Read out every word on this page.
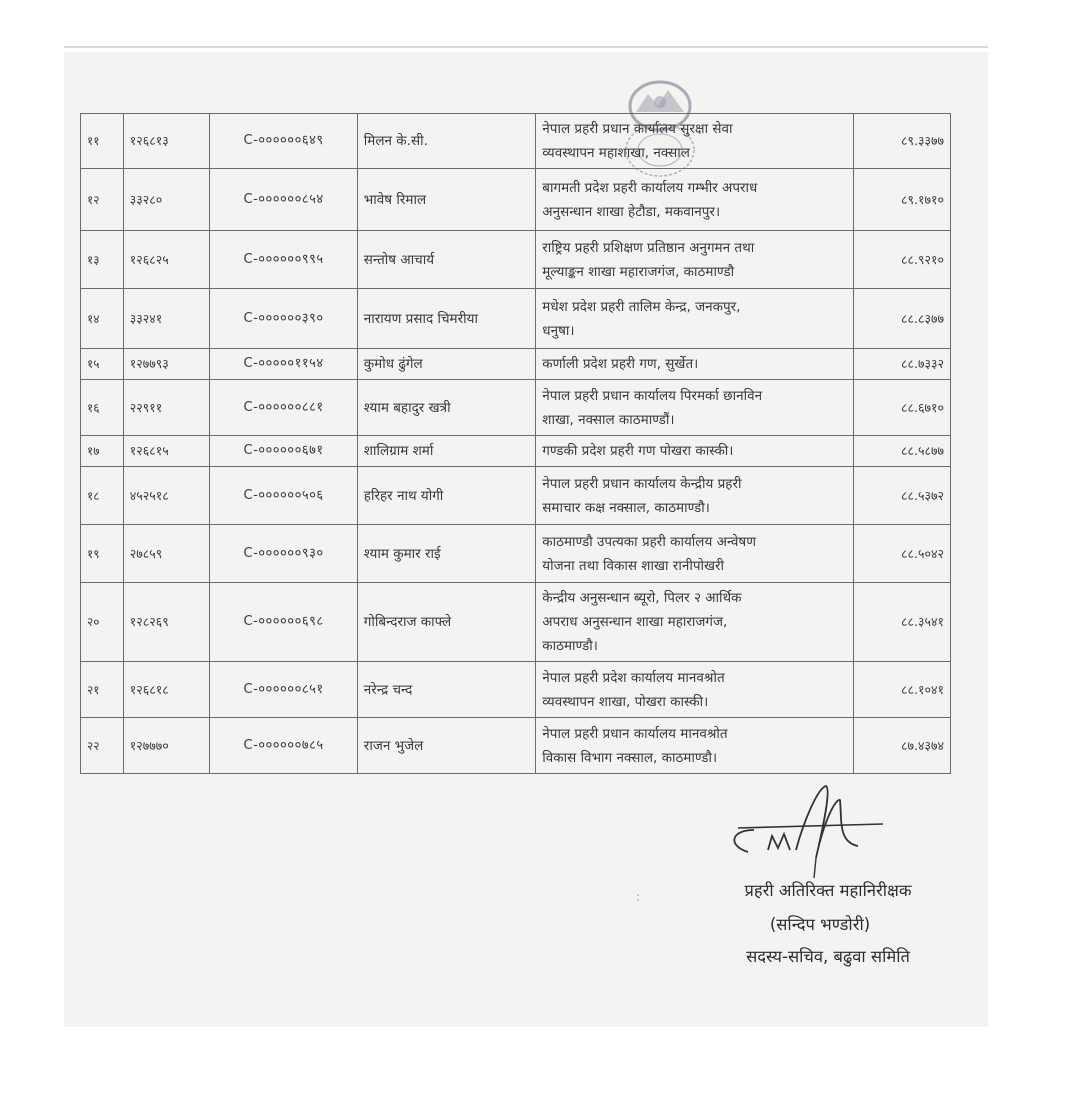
११	१२६८१३	C-००००००६४९	मिलन के.सी.	नेपाल प्रहरी प्रधान कार्यालय सुरक्षा सेवा
व्यवस्थापन महाशाखा, नक्साल	८९.३३७७
१२	३३२८०	C-००००००८५४	भावेष रिमाल	बागमती प्रदेश प्रहरी कार्यालय गम्भीर अपराध
अनुसन्धान शाखा हेटौडा, मकवानपुर।	८९.१७१०
१३	१२६८२५	C-००००००९९५	सन्तोष आचार्य	राष्ट्रिय प्रहरी प्रशिक्षण प्रतिष्ठान अनुगमन तथा
मूल्याङ्कन शाखा महाराजगंज, काठमाण्डौ	८८.९२१०
१४	३३२४१	C-००००००३९०	नारायण प्रसाद चिमरीया	मधेश प्रदेश प्रहरी तालिम केन्द्र, जनकपुर,
धनुषा।	८८.८३७७
१५	१२७७९३	C-०००००११५४	कुमोध ढुंगेल	कर्णाली प्रदेश प्रहरी गण, सुर्खेत।	८८.७३३२
१६	२२९११	C-००००००८८१	श्याम बहादुर खत्री	नेपाल प्रहरी प्रधान कार्यालय पिरमर्का छानविन
शाखा, नक्साल काठमाण्डौं।	८८.६७१०
१७	१२६८१५	C-००००००६७१	शालिग्राम शर्मा	गण्डकी प्रदेश प्रहरी गण पोखरा कास्की।	८८.५८७७
१८	४५२५१८	C-००००००५०६	हरिहर नाथ योगी	नेपाल प्रहरी प्रधान कार्यालय केन्द्रीय प्रहरी
समाचार कक्ष नक्साल, काठमाण्डौ।	८८.५३७२
१९	२७८५९	C-००००००९३०	श्याम कुमार राई	काठमाण्डौ उपत्यका प्रहरी कार्यालय अन्वेषण
योजना तथा विकास शाखा रानीपोखरी	८८.५०४२
२०	१२८२६९	C-००००००६९८	गोबिन्दराज काफ्ले	केन्द्रीय अनुसन्धान ब्यूरो, पिलर २ आर्थिक
अपराध अनुसन्धान शाखा महाराजगंज,
काठमाण्डौ।	८८.३५४१
२१	१२६८१८	C-००००००८५१	नरेन्द्र चन्द	नेपाल प्रहरी प्रदेश कार्यालय मानवश्रोत
व्यवस्थापन शाखा, पोखरा कास्की।	८८.१०४१
२२	१२७७७०	C-००००००७८५	राजन भुजेल	नेपाल प्रहरी प्रधान कार्यालय मानवश्रोत
विकास विभाग नक्साल, काठमाण्डौ।	८७.४३७४
:	प्रहरी अतिरिक्त महानिरीक्षक
(सन्दिप भण्डोरी)
सदस्य-सचिव, बढुवा समिति
